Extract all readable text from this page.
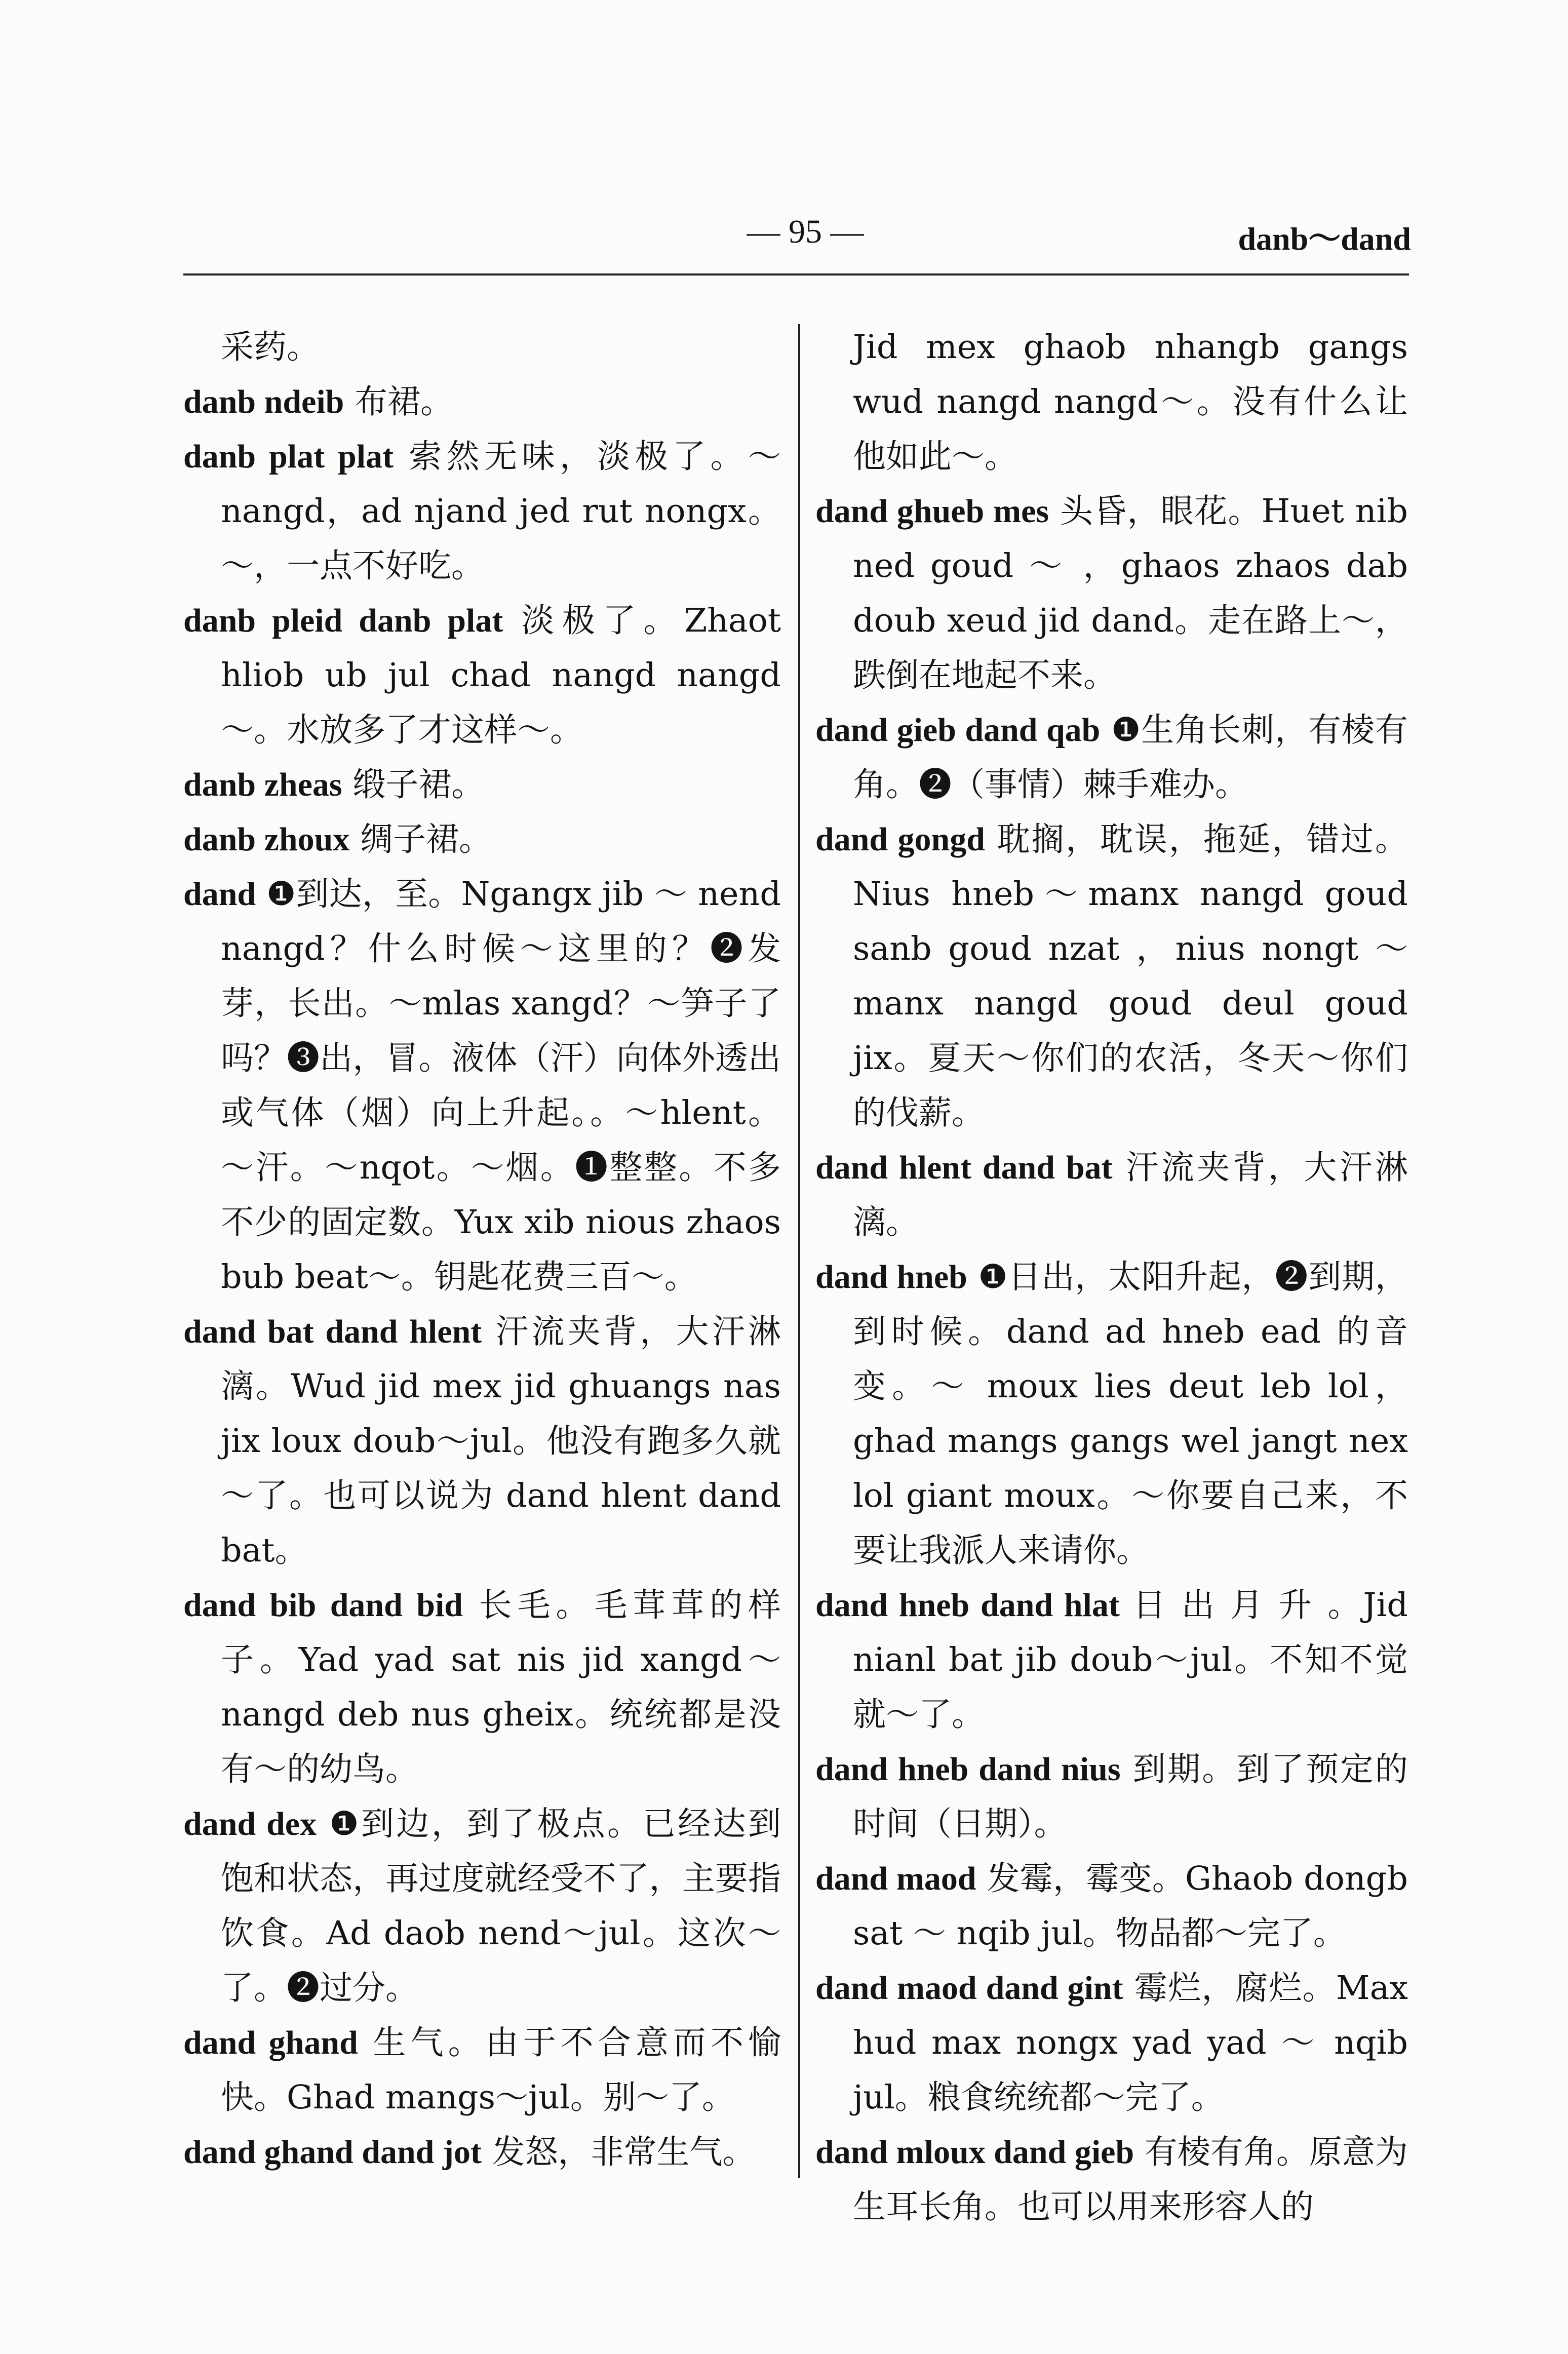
— 95 —	danb～dand
采药。
danb ndeib 布裙。
danb plat plat 索然无味，淡极了。～nangd，ad njand jed rut nongx。～，一点不好吃。
danb pleid danb plat 淡极了。Zhaot hliob ub jul chad nangd nangd～。水放多了才这样～。
danb zheas 缎子裙。
danb zhoux 绸子裙。
dand ❶到达，至。Ngangx jib ～ nend nangd？什么时候～这里的？❷发芽，长出。～mlas xangd？～笋子了吗？❸出，冒。液体（汗）向体外透出或气体（烟）向上升起。。～hlent。～汗。～nqot。～烟。❶整整。不多不少的固定数。Yux xib nious zhaos bub beat～。钥匙花费三百～。
dand bat dand hlent 汗流夹背，大汗淋漓。Wud jid mex jid ghuangs nas jix loux doub～jul。他没有跑多久就～了。也可以说为 dand hlent dand bat。
dand bib dand bid 长毛。毛茸茸的样子。Yad yad sat nis jid xangd～nangd deb nus gheix。统统都是没有～的幼鸟。
dand dex ❶到边，到了极点。已经达到饱和状态，再过度就经受不了，主要指饮食。Ad daob nend～jul。这次～了。❷过分。
dand ghand 生气。由于不合意而不愉快。Ghad mangs～jul。别～了。
dand ghand dand jot 发怒，非常生气。
Jid mex ghaob nhangb gangs wud nangd nangd～。没有什么让他如此～。
dand ghueb mes 头昏，眼花。Huet nib ned goud ～ ，ghaos zhaos dab doub xeud jid dand。走在路上～，跌倒在地起不来。
dand gieb dand qab ❶生角长刺，有棱有角。❷（事情）棘手难办。
dand gongd 耽搁，耽误，拖延，错过。Nius hneb～manx nangd goud sanb goud nzat ，nius nongt ～ manx nangd goud deul goud jix。夏天～你们的农活，冬天～你们的伐薪。
dand hlent dand bat 汗流夹背，大汗淋漓。
dand hneb ❶日出，太阳升起，❷到期，到时候。dand ad hneb ead 的音变。～ moux lies deut leb lol，ghad mangs gangs wel jangt nex lol giant moux。～你要自己来，不要让我派人来请你。
dand hneb dand hlat 日 出 月 升 。Jid nianl bat jib doub～jul。不知不觉就～了。
dand hneb dand nius 到期。到了预定的时间（日期）。
dand maod 发霉，霉变。Ghaob dongb sat ～ nqib jul。物品都～完了。
dand maod dand gint 霉烂，腐烂。Max hud max nongx yad yad ～ nqib jul。粮食统统都～完了。
dand mloux dand gieb 有棱有角。原意为生耳长角。也可以用来形容人的
